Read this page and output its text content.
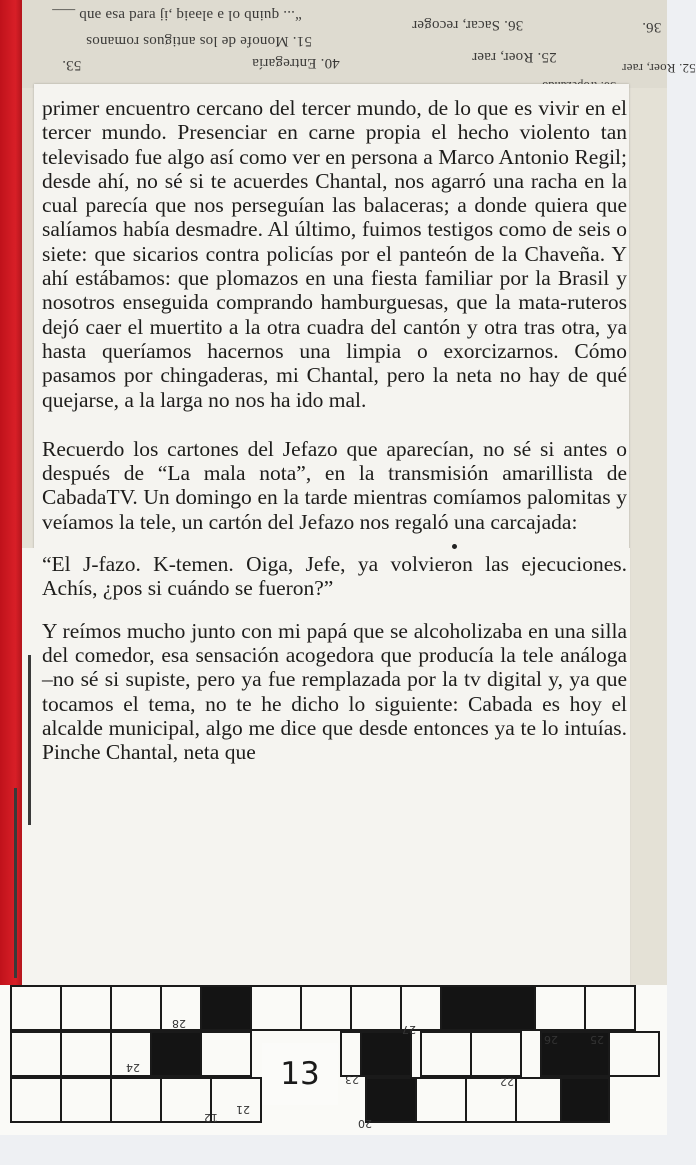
“... quinb ol ə ələəiq ,ij ɐɹɐd ɐsə ənb ___
51. Monofe de los antiguos romanos
40. Entregaría
36. Sacar, recoger
25. Roer, raer
53.
36.
52. Roer, raer

primer encuentro cercano del tercer mundo, de lo que es vivir en el tercer mundo. Presenciar en carne propia el hecho violento tan televisado fue algo así como ver en persona a Marco Antonio Regil; desde ahí, no sé si te acuerdes Chantal, nos agarró una racha en la cual parecía que nos perseguían las balaceras; a donde quiera que salíamos había desmadre. Al último, fuimos testigos como de seis o siete: que sicarios contra policías por el panteón de la Chaveña. Y ahí estábamos: que plomazos en una fiesta familiar por la Brasil y nosotros enseguida comprando hamburguesas, que la mata-ruteros dejó caer el muertito a la otra cuadra del cantón y otra tras otra, ya hasta queríamos hacernos una limpia o exorcizarnos. Cómo pasamos por chingaderas, mi Chantal, pero la neta no hay de qué quejarse, a la larga no nos ha ido mal.

Recuerdo los cartones del Jefazo que aparecían, no sé si antes o después de “La mala nota”, en la transmisión amarillista de CabadaTV. Un domingo en la tarde mientras comíamos palomitas y veíamos la tele, un cartón del Jefazo nos regaló una carcajada:

“El J-fazo. K-temen. Oiga, Jefe, ya volvieron las ejecuciones. Achís, ¿pos si cuándo se fueron?”

Y reímos mucho junto con mi papá que se alcoholizaba en una silla del comedor, esa sensación acogedora que producía la tele análoga –no sé si supiste, pero ya fue remplazada por la tv digital y, ya que tocamos el tema, no te he dicho lo siguiente: Cabada es hoy el alcalde municipal, algo me dice que desde entonces ya te lo intuías. Pinche Chantal, neta que

28	27
26	25
24
23	22
21
12	20
13
